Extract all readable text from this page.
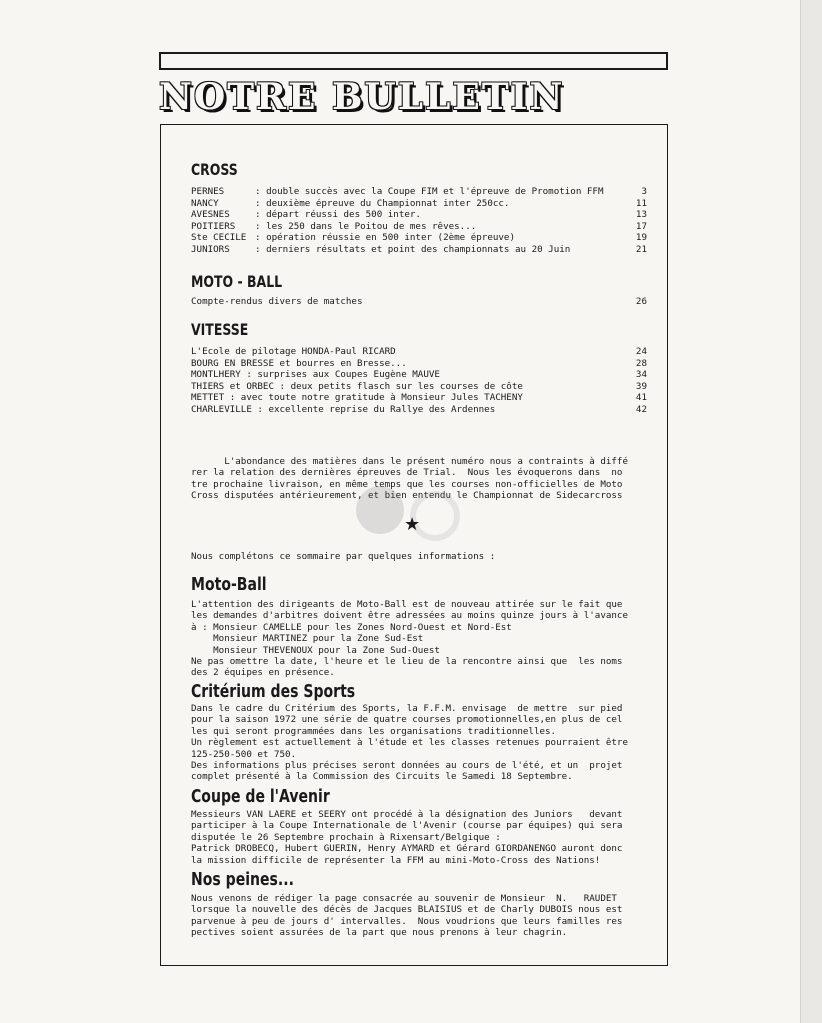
NOTRE BULLETIN
CROSS
PERNES	: double succès avec la Coupe FIM et l'épreuve de Promotion FFM	3
NANCY	: deuxième épreuve du Championnat inter 250cc.	11
AVESNES	: départ réussi des 500 inter.	13
POITIERS	: les 250 dans le Poitou de mes rêves...	17
Ste CECILE : opération réussie en 500 inter (2ème épreuve)	19
JUNIORS	: derniers résultats et point des championnats au 20 Juin	21
MOTO - BALL
Compte-rendus divers de matches	26
VITESSE
L'Ecole de pilotage HONDA-Paul RICARD	24
BOURG EN BRESSE et bourres en Bresse...	28
MONTLHERY : surprises aux Coupes Eugène MAUVE	34
THIERS et ORBEC : deux petits flasch sur les courses de côte	39
METTET : avec toute notre gratitude à Monsieur Jules TACHENY	41
CHARLEVILLE : excellente reprise du Rallye des Ardennes	42
L'abondance des matières dans le présent numéro nous a contraints à diffé
rer la relation des dernières épreuves de Trial.  Nous les évoquerons dans  no
tre prochaine livraison, en même temps que les courses non-officielles de Moto
Cross disputées antérieurement,   entendu le Championnat de Sidecarcross
★
Nous complétons ce sommaire par quelques informations :
Moto-Ball
L'attention des dirigeants de Moto-Ball est de nouveau attirée sur le fait que
les demandes d'arbitres doivent être adressées au moins quinze jours à l'avance
à : Monsieur CAMELLE pour les Zones Nord-Ouest et Nord-Est
Monsieur MARTINEZ pour la Zone Sud-Est
Monsieur THEVENOUX pour la Zone Sud-Ouest
Ne pas omettre la date, l'heure et le lieu de la rencontre ainsi que  les noms
des 2 équipes en présence.
Critérium des Sports
Dans le cadre du Critérium des Sports, la F.F.M. envisage  de mettre  sur pied
pour la saison 1972 une série de quatre courses promotionnelles,en plus de cel
les qui seront programmées dans les organisations traditionnelles.
Un règlement est actuellement à l'étude et les classes retenues pourraient être
125-250-500 et 750.
Des informations plus précises seront données au cours de l'été, et un  projet
complet présenté à la Commission des Circuits le Samedi 18 Septembre.
Coupe de l'Avenir
Messieurs VAN LAERE et SEERY ont procédé à la désignation des Juniors   devant
participer à la Coupe Internationale de l'Avenir (course par équipes) qui sera
disputée le 26 Septembre prochain à Rixensart/Belgique :
Patrick DROBECQ, Hubert GUERIN, Henry AYMARD et Gérard GIORDANENGO auront donc
la mission difficile de représenter la FFM au mini-Moto-Cross des Nations!
Nos peines...
Nous venons de rédiger la page consacrée au souvenir de Monsieur  N.   RAUDET
lorsque la nouvelle des décès de Jacques BLAISIUS et de Charly DUBOIS nous est
parvenue à peu de jours d' intervalles.  Nous voudrions que leurs familles res
pectives soient assurées de la part que nous prenons à leur chagrin.
